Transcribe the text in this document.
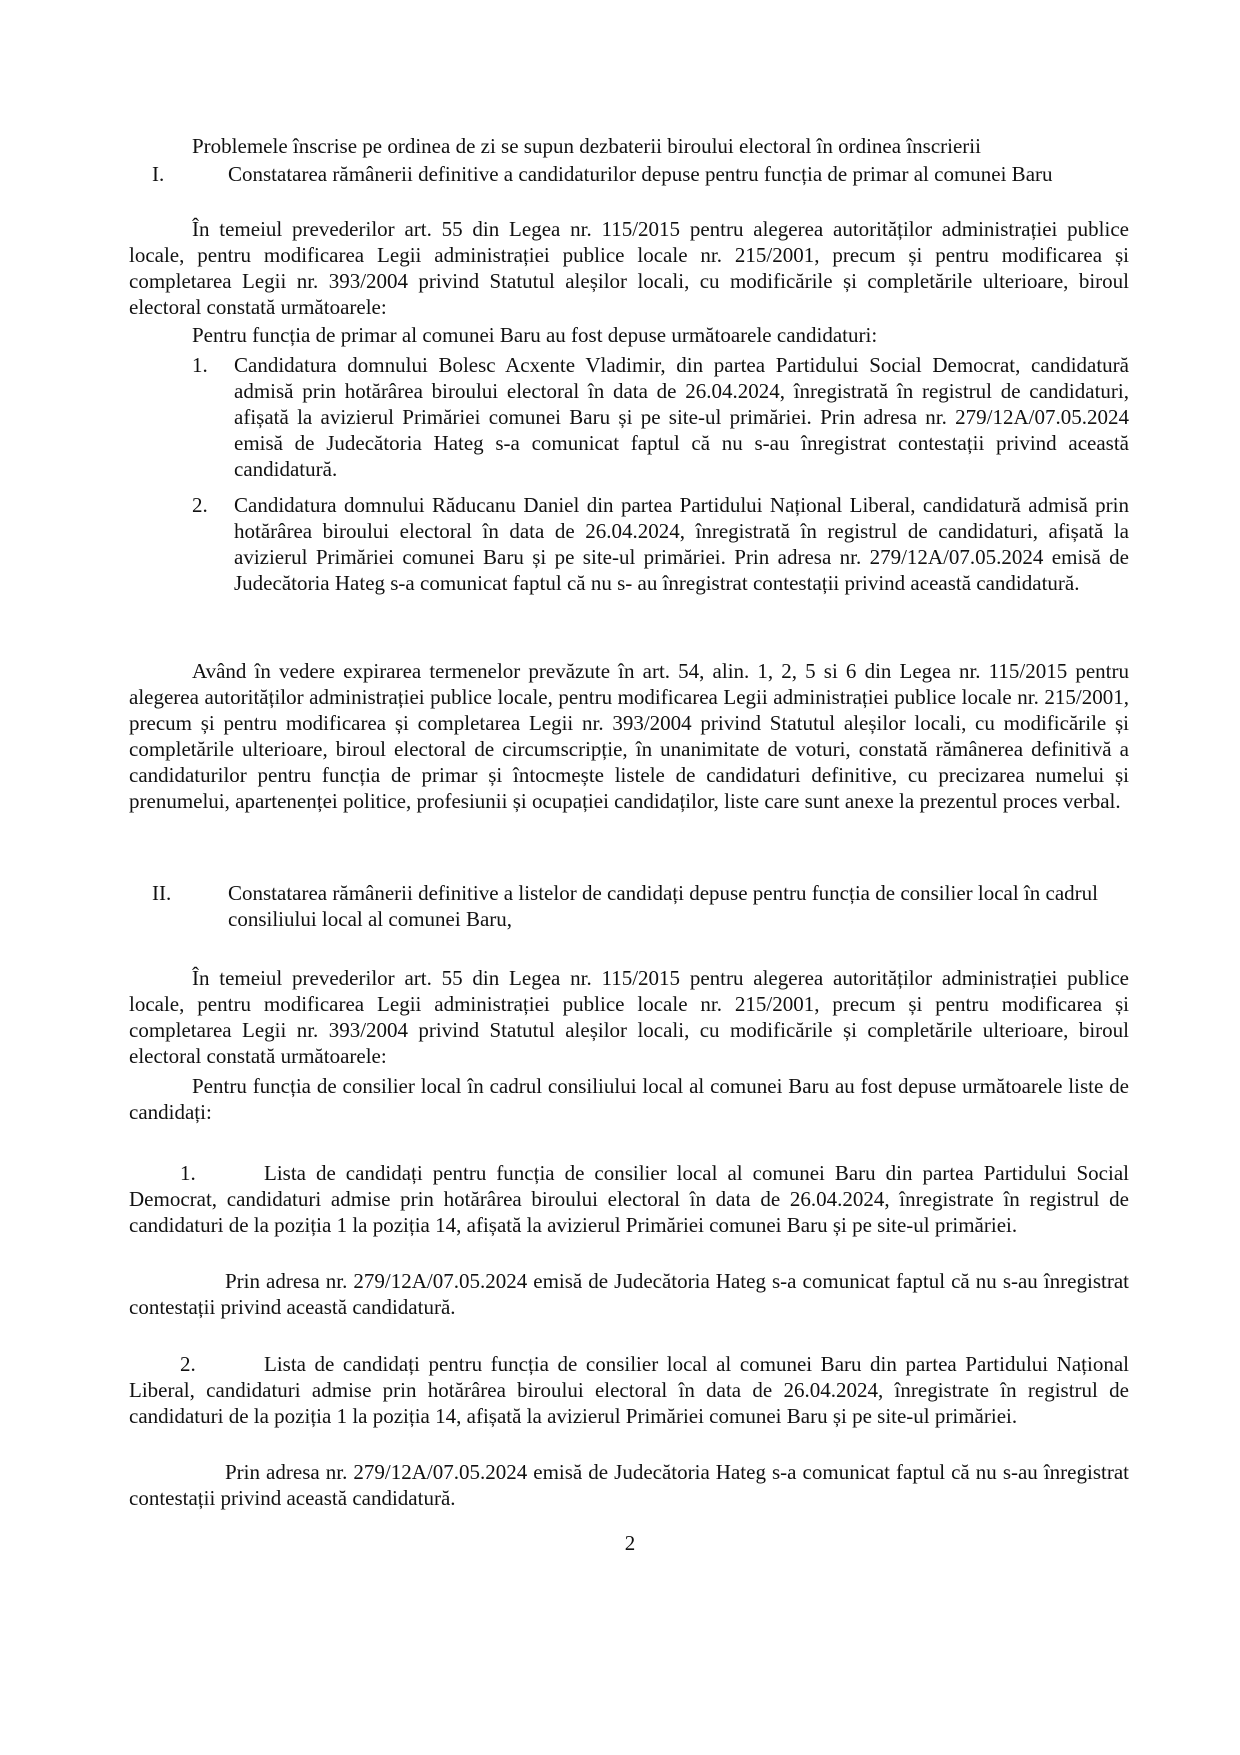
Problemele înscrise pe ordinea de zi se supun dezbaterii biroului electoral în ordinea înscrierii
I.	Constatarea rămânerii definitive a candidaturilor depuse pentru funcția de primar al comunei Baru
În temeiul prevederilor art. 55 din Legea nr. 115/2015 pentru alegerea autorităților administrației publice locale, pentru modificarea Legii administrației publice locale nr. 215/2001, precum și pentru modificarea și completarea Legii nr. 393/2004 privind Statutul aleșilor locali, cu modificările și completările ulterioare, biroul electoral constată următoarele:
Pentru funcția de primar al comunei Baru au fost depuse următoarele candidaturi:
1. Candidatura domnului Bolesc Acxente Vladimir, din partea Partidului Social Democrat, candidatură admisă prin hotărârea biroului electoral în data de 26.04.2024, înregistrată în registrul de candidaturi, afișată la avizierul Primăriei comunei Baru și pe site-ul primăriei. Prin adresa nr. 279/12A/07.05.2024 emisă de Judecătoria Hateg s-a comunicat faptul că nu s-au înregistrat contestații privind această candidatură.
2. Candidatura domnului Răducanu Daniel din partea Partidului Național Liberal, candidatură admisă prin hotărârea biroului electoral în data de 26.04.2024, înregistrată în registrul de candidaturi, afișată la avizierul Primăriei comunei Baru și pe site-ul primăriei. Prin adresa nr. 279/12A/07.05.2024 emisă de Judecătoria Hateg s-a comunicat faptul că nu s- au înregistrat contestații privind această candidatură.
Având în vedere expirarea termenelor prevăzute în art. 54, alin. 1, 2, 5 si 6 din Legea nr. 115/2015 pentru alegerea autorităților administrației publice locale, pentru modificarea Legii administrației publice locale nr. 215/2001, precum și pentru modificarea și completarea Legii nr. 393/2004 privind Statutul aleșilor locali, cu modificările și completările ulterioare, biroul electoral de circumscripție, în unanimitate de voturi, constată rămânerea definitivă a candidaturilor pentru funcția de primar și întocmește listele de candidaturi definitive, cu precizarea numelui și prenumelui, apartenenței politice, profesiunii și ocupației candidaților, liste care sunt anexe la prezentul proces verbal.
II.	Constatarea rămânerii definitive a listelor de candidați depuse pentru funcția de consilier local în cadrul consiliului local al comunei Baru,
În temeiul prevederilor art. 55 din Legea nr. 115/2015 pentru alegerea autorităților administrației publice locale, pentru modificarea Legii administrației publice locale nr. 215/2001, precum și pentru modificarea și completarea Legii nr. 393/2004 privind Statutul aleșilor locali, cu modificările și completările ulterioare, biroul electoral constată următoarele:
Pentru funcția de consilier local în cadrul consiliului local al comunei Baru au fost depuse următoarele liste de candidați:
1.	Lista de candidați pentru funcția de consilier local al comunei Baru din partea Partidului Social Democrat, candidaturi admise prin hotărârea biroului electoral în data de 26.04.2024, înregistrate în registrul de candidaturi de la poziția 1 la poziția 14, afișată la avizierul Primăriei comunei Baru și pe site-ul primăriei.
Prin adresa nr. 279/12A/07.05.2024 emisă de Judecătoria Hateg s-a comunicat faptul că nu s-au înregistrat contestații privind această candidatură.
2.	Lista de candidați pentru funcția de consilier local al comunei Baru din partea Partidului Național Liberal, candidaturi admise prin hotărârea biroului electoral în data de 26.04.2024, înregistrate în registrul de candidaturi de la poziția 1 la poziția 14, afișată la avizierul Primăriei comunei Baru și pe site-ul primăriei.
Prin adresa nr. 279/12A/07.05.2024 emisă de Judecătoria Hateg s-a comunicat faptul că nu s-au înregistrat contestații privind această candidatură.
2
